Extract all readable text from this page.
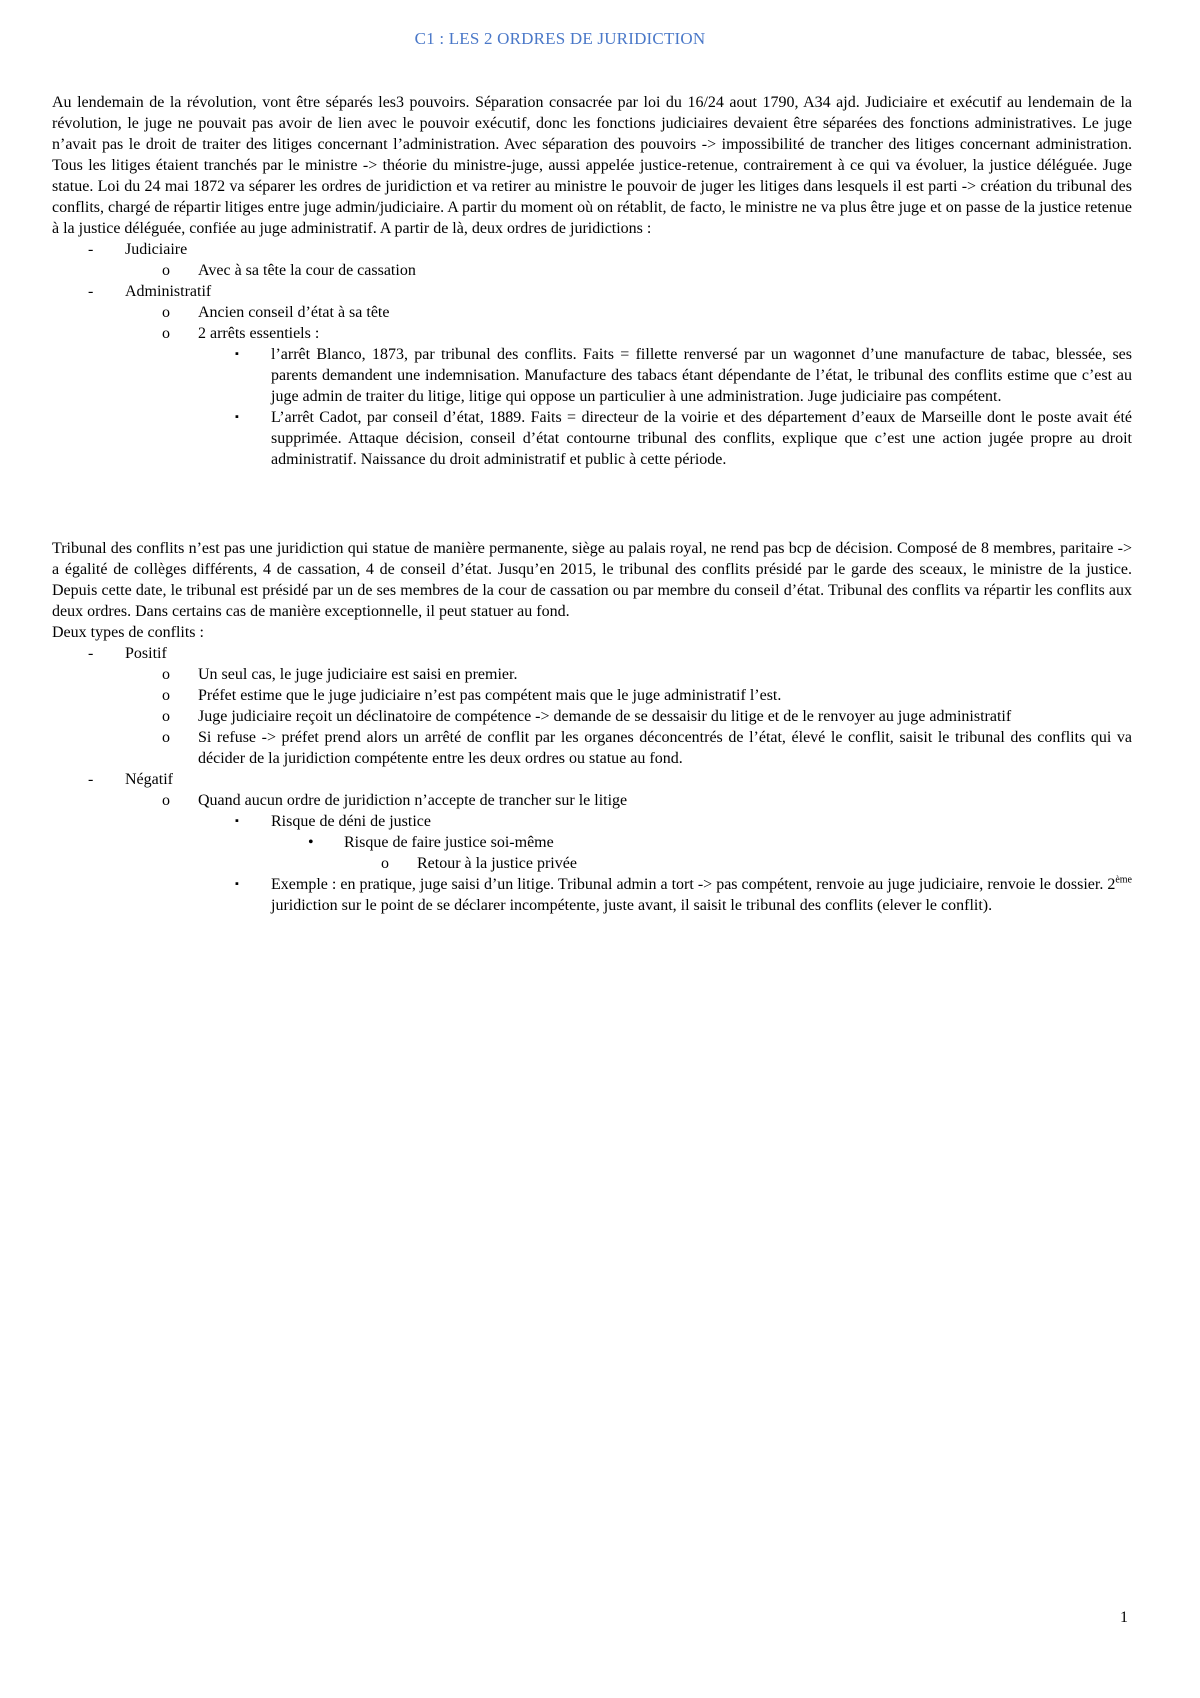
C1 : LES 2 ORDRES DE JURIDICTION

Au lendemain de la révolution, vont être séparés les3 pouvoirs. Séparation consacrée par loi du 16/24 aout 1790, A34 ajd. Judiciaire et exécutif au lendemain de la révolution, le juge ne pouvait pas avoir de lien avec le pouvoir exécutif, donc les fonctions judiciaires devaient être séparées des fonctions administratives. Le juge n’avait pas le droit de traiter des litiges concernant l’administration. Avec séparation des pouvoirs -> impossibilité de trancher des litiges concernant administration. Tous les litiges étaient tranchés par le ministre -> théorie du ministre-juge, aussi appelée justice-retenue, contrairement à ce qui va évoluer, la justice déléguée. Juge statue. Loi du 24 mai 1872 va séparer les ordres de juridiction et va retirer au ministre le pouvoir de juger les litiges dans lesquels il est parti -> création du tribunal des conflits, chargé de répartir litiges entre juge admin/judiciaire. A partir du moment où on rétablit, de facto, le ministre ne va plus être juge et on passe de la justice retenue à la justice déléguée, confiée au juge administratif. A partir de là, deux ordres de juridictions :

-	Judiciaire
o	Avec à sa tête la cour de cassation
-	Administratif
o	Ancien conseil d’état à sa tête
o	2 arrêts essentiels :
▪	l’arrêt Blanco, 1873, par tribunal des conflits. Faits = fillette renversé par un wagonnet d’une manufacture de tabac, blessée, ses parents demandent une indemnisation. Manufacture des tabacs étant dépendante de l’état, le tribunal des conflits estime que c’est au juge admin de traiter du litige, litige qui oppose un particulier à une administration. Juge judiciaire pas compétent.

▪	L’arrêt Cadot, par conseil d’état, 1889. Faits = directeur de la voirie et des département d’eaux de Marseille dont le poste avait été supprimée. Attaque décision, conseil d’état contourne tribunal des conflits, explique que c’est une action jugée propre au droit administratif. Naissance du droit administratif et public à cette période.

Tribunal des conflits n’est pas une juridiction qui statue de manière permanente, siège au palais royal, ne rend pas bcp de décision. Composé de 8 membres, paritaire -> a égalité de collèges différents, 4 de cassation, 4 de conseil d’état. Jusqu’en 2015, le tribunal des conflits présidé par le garde des sceaux, le ministre de la justice. Depuis cette date, le tribunal est présidé par un de ses membres de la cour de cassation ou par membre du conseil d’état. Tribunal des conflits va répartir les conflits aux deux ordres. Dans certains cas de manière exceptionnelle, il peut statuer au fond.

Deux types de conflits :

-	Positif
o	Un seul cas, le juge judiciaire est saisi en premier.

o	Préfet estime que le juge judiciaire n’est pas compétent mais que le juge administratif l’est.

o	Juge judiciaire reçoit un déclinatoire de compétence -> demande de se dessaisir du litige et de le renvoyer au juge administratif

o	Si refuse -> préfet prend alors un arrêté de conflit par les organes déconcentrés de l’état, élevé le conflit, saisit le tribunal des conflits qui va décider de la juridiction compétente entre les deux ordres ou statue au fond.

-	Négatif
o	Quand aucun ordre de juridiction n’accepte de trancher sur le litige

▪	Risque de déni de justice

•	Risque de faire justice soi-même

o	Retour à la justice privée

▪	Exemple : en pratique, juge saisi d’un litige. Tribunal admin a tort -> pas compétent, renvoie au juge judiciaire, renvoie le dossier. 2ème juridiction sur le point de se déclarer incompétente, juste avant, il saisit le tribunal des conflits (elever le conflit).

1
